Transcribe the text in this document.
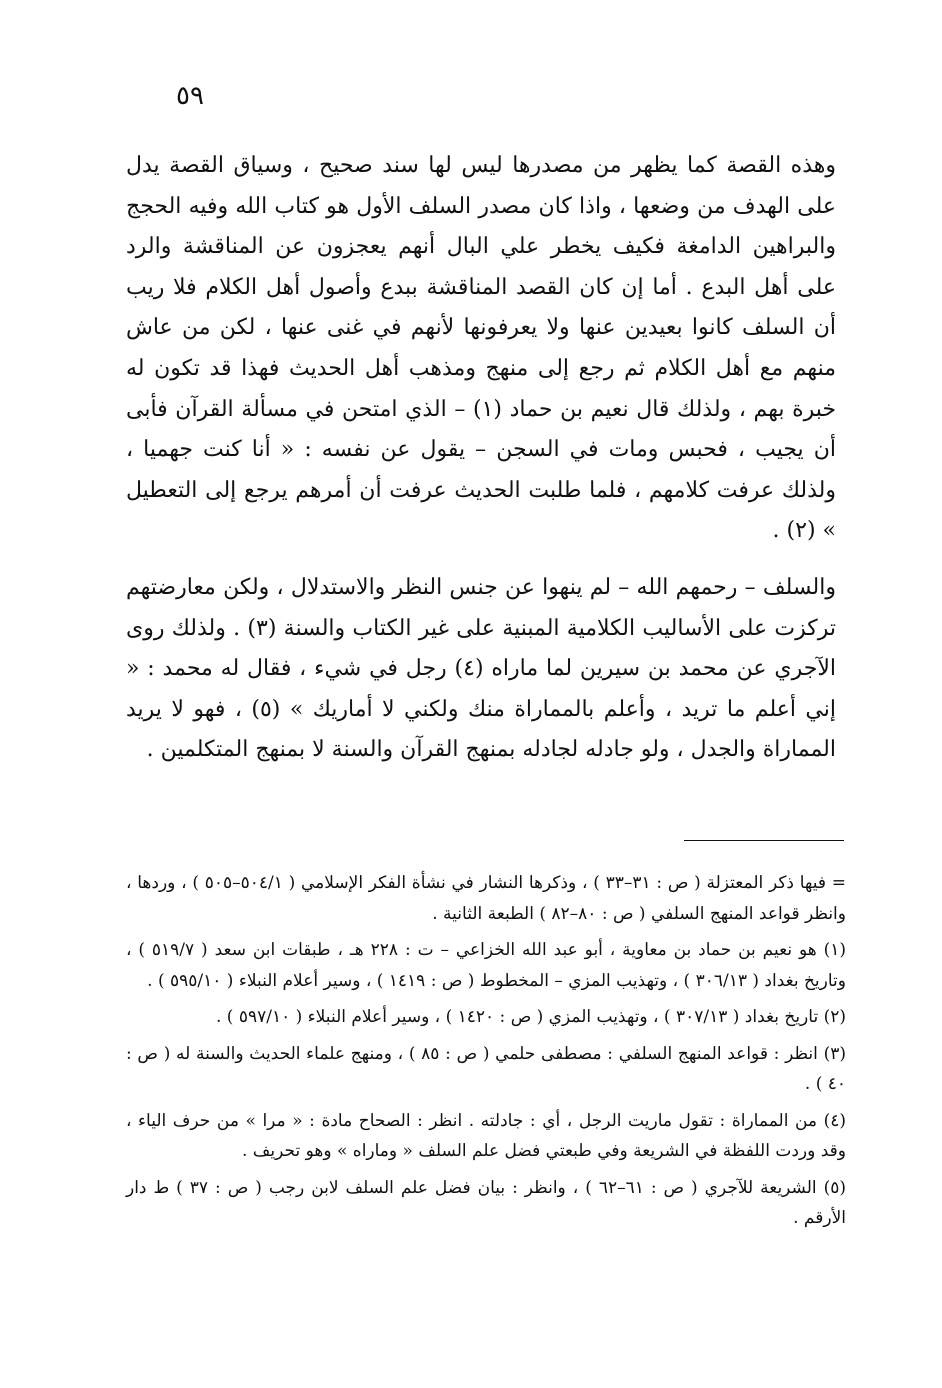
٥٩

وهذه القصة كما يظهر من مصدرها ليس لها سند صحيح ، وسياق القصة يدل على الهدف من وضعها ، واذا كان مصدر السلف الأول هو كتاب الله وفيه الحجج والبراهين الدامغة فكيف يخطر علي البال أنهم يعجزون عن المناقشة والرد على أهل البدع . أما إن كان القصد المناقشة ببدع وأصول أهل الكلام فلا ريب أن السلف كانوا بعيدين عنها ولا يعرفونها لأنهم في غنى عنها ، لكن من عاش منهم مع أهل الكلام ثم رجع إلى منهج ومذهب أهل الحديث فهذا قد تكون له خبرة بهم ، ولذلك قال نعيم بن حماد (١) – الذي امتحن في مسألة القرآن فأبى أن يجيب ، فحبس ومات في السجن – يقول عن نفسه : « أنا كنت جهميا ، ولذلك عرفت كلامهم ، فلما طلبت الحديث عرفت أن أمرهم يرجع إلى التعطيل » (٢) .

والسلف – رحمهم الله – لم ينهوا عن جنس النظر والاستدلال ، ولكن معارضتهم تركزت على الأساليب الكلامية المبنية على غير الكتاب والسنة (٣) . ولذلك روى الآجري عن محمد بن سيرين لما ماراه (٤) رجل في شيء ، فقال له محمد : « إني أعلم ما تريد ، وأعلم بالمماراة منك ولكني لا أماريك » (٥) ، فهو لا يريد المماراة والجدل ، ولو جادله لجادله بمنهج القرآن والسنة لا بمنهج المتكلمين .

= فيها ذكر المعتزلة ( ص : ٣١–٣٣ ) ، وذكرها النشار في نشأة الفكر الإسلامي ( ٥٠٤/١–٥٠٥ ) ، وردها ، وانظر قواعد المنهج السلفي ( ص : ٨٠–٨٢ ) الطبعة الثانية .

(١) هو نعيم بن حماد بن معاوية ، أبو عبد الله الخزاعي – ت : ٢٢٨ هـ ، طبقات ابن سعد ( ٥١٩/٧ ) ، وتاريخ بغداد ( ٣٠٦/١٣ ) ، وتهذيب المزي – المخطوط ( ص : ١٤١٩ ) ، وسير أعلام النبلاء ( ٥٩٥/١٠ ) .

(٢) تاريخ بغداد ( ٣٠٧/١٣ ) ، وتهذيب المزي ( ص : ١٤٢٠ ) ، وسير أعلام النبلاء ( ٥٩٧/١٠ ) .

(٣) انظر : قواعد المنهج السلفي : مصطفى حلمي ( ص : ٨٥ ) ، ومنهج علماء الحديث والسنة له ( ص : ٤٠ ) .

(٤) من المماراة : تقول ماريت الرجل ، أي : جادلته . انظر : الصحاح مادة : « مرا » من حرف الياء ، وقد وردت اللفظة في الشريعة وفي طبعتي فضل علم السلف « وماراه » وهو تحريف .

(٥) الشريعة للآجري ( ص : ٦١–٦٢ ) ، وانظر : بيان فضل علم السلف لابن رجب ( ص : ٣٧ ) ط دار الأرقم .
